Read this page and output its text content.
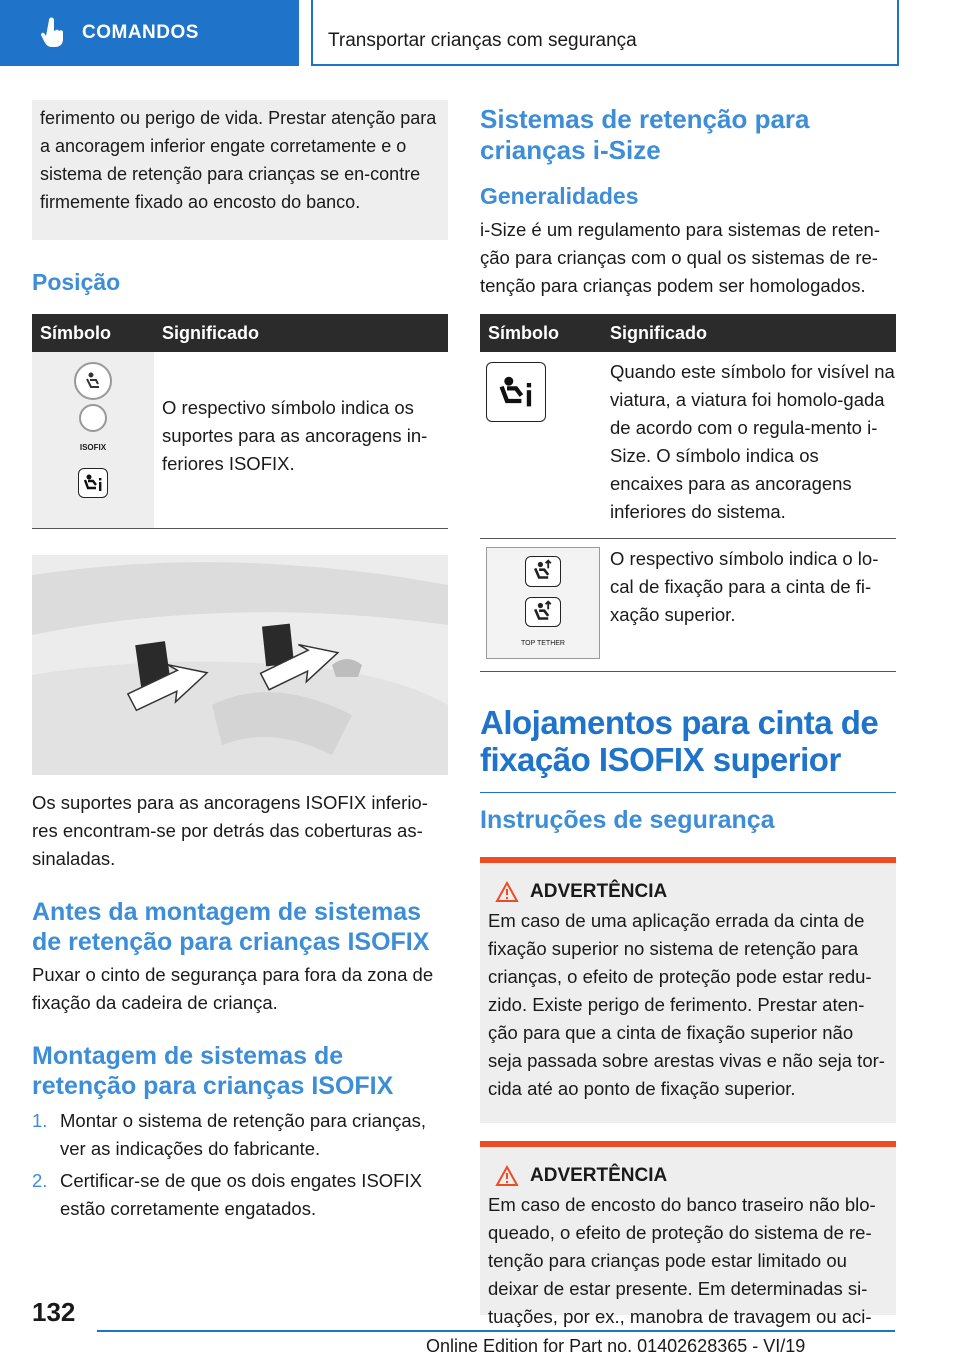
COMANDOS	Transportar crianças com segurança
ferimento ou perigo de vida. Prestar atenção para a ancoragem inferior engate corretamente e o sistema de retenção para crianças se en-contre firmemente fixado ao encosto do banco.
Posição
Símbolo	Significado

ISOFIX	O respectivo símbolo indica os suportes para as ancoragens in-feriores ISOFIX.

Os suportes para as ancoragens ISOFIX inferio-res encontram-se por detrás das coberturas as-sinaladas.

Antes da montagem de sistemas de retenção para crianças ISOFIX

Puxar o cinto de segurança para fora da zona de fixação da cadeira de criança.

Montagem de sistemas de retenção para crianças ISOFIX
1. Montar o sistema de retenção para crianças, ver as indicações do fabricante.
2. Certificar-se de que os dois engates ISOFIX estão corretamente engatados.
Sistemas de retenção para crianças i-Size
Generalidades

i-Size é um regulamento para sistemas de reten-ção para crianças com o qual os sistemas de re-tenção para crianças podem ser homologados.

Símbolo	Significado

	Quando este símbolo for visível na viatura, a viatura foi homolo-gada de acordo com o regula-mento i-Size. O símbolo indica os encaixes para as ancoragens inferiores do sistema.

TOP TETHER	O respectivo símbolo indica o lo-cal de fixação para a cinta de fi-xação superior.
Alojamentos para cinta de fixação ISOFIX superior
Instruções de segurança
ADVERTÊNCIA

Em caso de uma aplicação errada da cinta de fixação superior no sistema de retenção para crianças, o efeito de proteção pode estar redu-zido. Existe perigo de ferimento. Prestar aten-ção para que a cinta de fixação superior não seja passada sobre arestas vivas e não seja tor-cida até ao ponto de fixação superior.

ADVERTÊNCIA

Em caso de encosto do banco traseiro não blo-queado, o efeito de proteção do sistema de re-tenção para crianças pode estar limitado ou deixar de estar presente. Em determinadas si-tuações, por ex., manobra de travagem ou aci-

132
Online Edition for Part no. 01402628365 - VI/19
